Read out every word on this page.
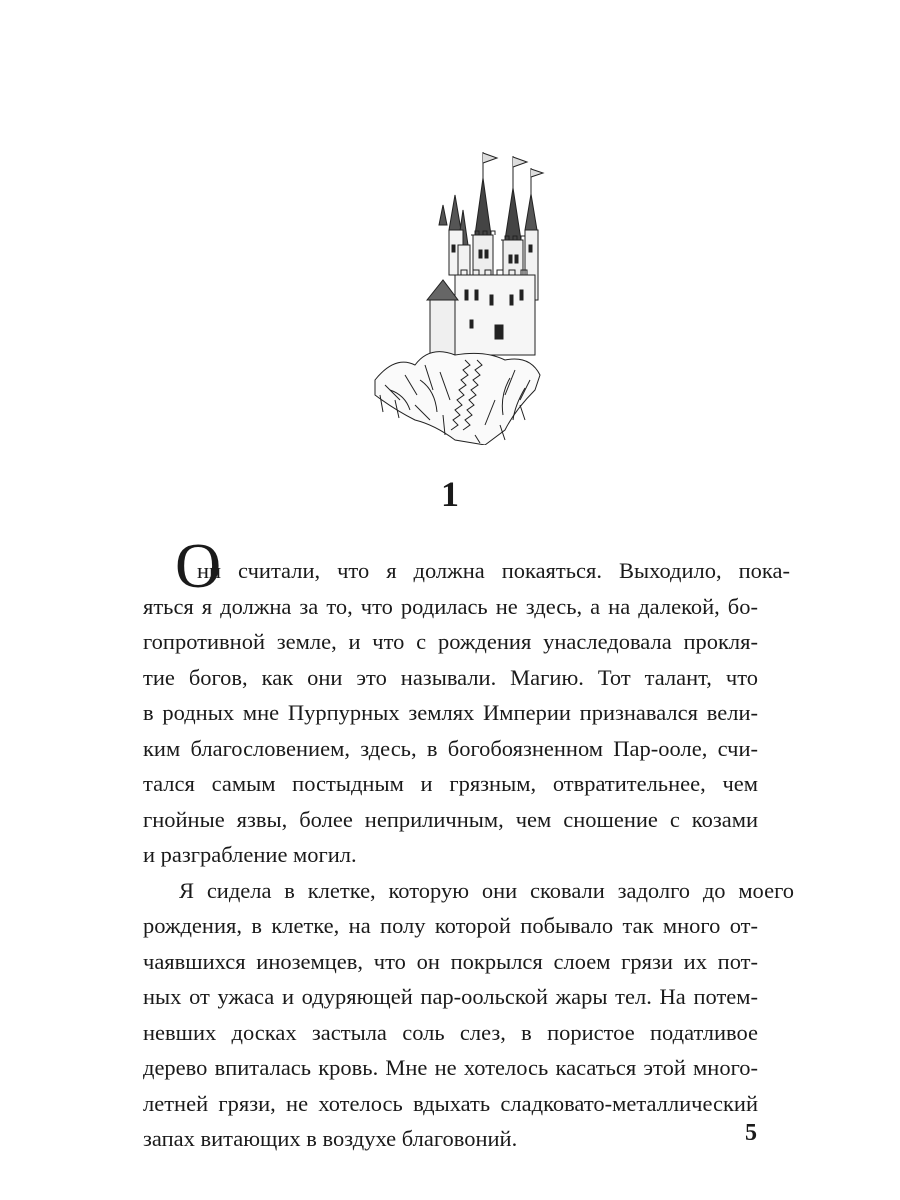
1
О
ни считали, что я должна покаяться. Выходило, пока-
яться я должна за то, что родилась не здесь, а на далекой, бо-
гопротивной земле, и что с рождения унаследовала прокля-
тие богов, как они это называли. Магию. Тот талант, что
в родных мне Пурпурных землях Империи признавался вели-
ким благословением, здесь, в богобоязненном Пар-ооле, счи-
тался самым постыдным и грязным, отвратительнее, чем
гнойные язвы, более неприличным, чем сношение с козами
и разграбление могил.
Я сидела в клетке, которую они сковали задолго до моего
рождения, в клетке, на полу которой побывало так много от-
чаявшихся иноземцев, что он покрылся слоем грязи их пот-
ных от ужаса и одуряющей пар-оольской жары тел. На потем-
невших досках застыла соль слез, в пористое податливое
дерево впиталась кровь. Мне не хотелось касаться этой много-
летней грязи, не хотелось вдыхать сладковато-металлический
запах витающих в воздухе благовоний.	5
